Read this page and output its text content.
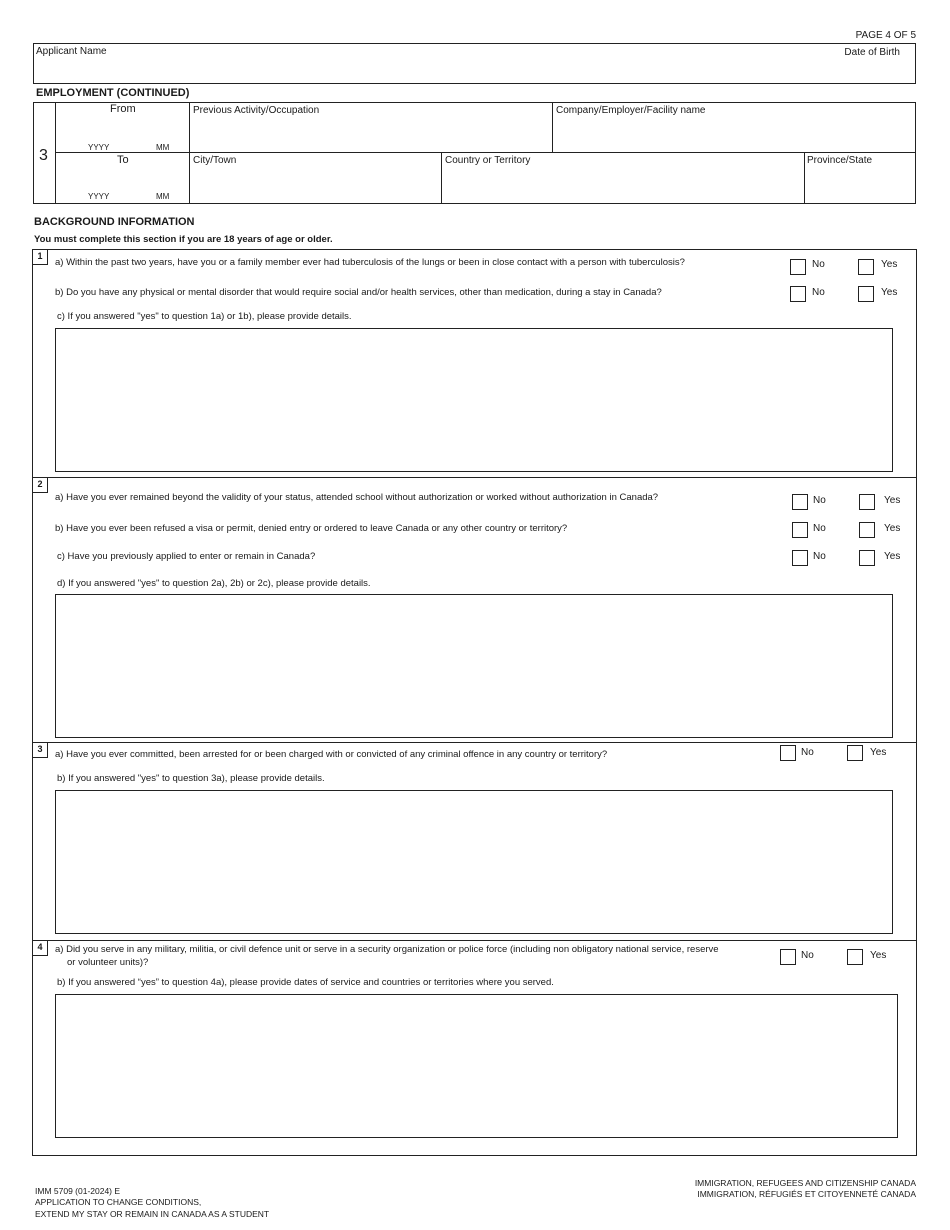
PAGE 4 OF 5
Applicant Name	Date of Birth
EMPLOYMENT (CONTINUED)
3
From
YYYY	MM
To
YYYY	MM
Previous Activity/Occupation	Company/Employer/Facility name
City/Town	Country or Territory	Province/State
BACKGROUND INFORMATION
You must complete this section if you are 18 years of age or older.
1
a) Within the past two years, have you or a family member ever had tuberculosis of the lungs or been in close contact with a person with tuberculosis?	No	Yes
b) Do you have any physical or mental disorder that would require social and/or health services, other than medication, during a stay in Canada?	No	Yes
c) If you answered "yes" to question 1a) or 1b), please provide details.
2
a) Have you ever remained beyond the validity of your status, attended school without authorization or worked without authorization in Canada?	No	Yes
b) Have you ever been refused a visa or permit, denied entry or ordered to leave Canada or any other country or territory?	No	Yes
c) Have you previously applied to enter or remain in Canada?	No	Yes
d) If you answered "yes" to question 2a), 2b) or 2c), please provide details.
3	a) Have you ever committed, been arrested for or been charged with or convicted of any criminal offence in any country or territory?	No	Yes
b) If you answered "yes" to question 3a), please provide details.
4	a) Did you serve in any military, militia, or civil defence unit or serve in a security organization or police force (including non obligatory national service, reserve
or volunteer units)?
No	Yes
b) If you answered “yes” to question 4a), please provide dates of service and countries or territories where you served.
IMM 5709 (01-2024) E
APPLICATION TO CHANGE CONDITIONS,
EXTEND MY STAY OR REMAIN IN CANADA AS A STUDENT
IMMIGRATION, REFUGEES AND CITIZENSHIP CANADA
IMMIGRATION, RÉFUGIÉS ET CITOYENNETÉ CANADA
